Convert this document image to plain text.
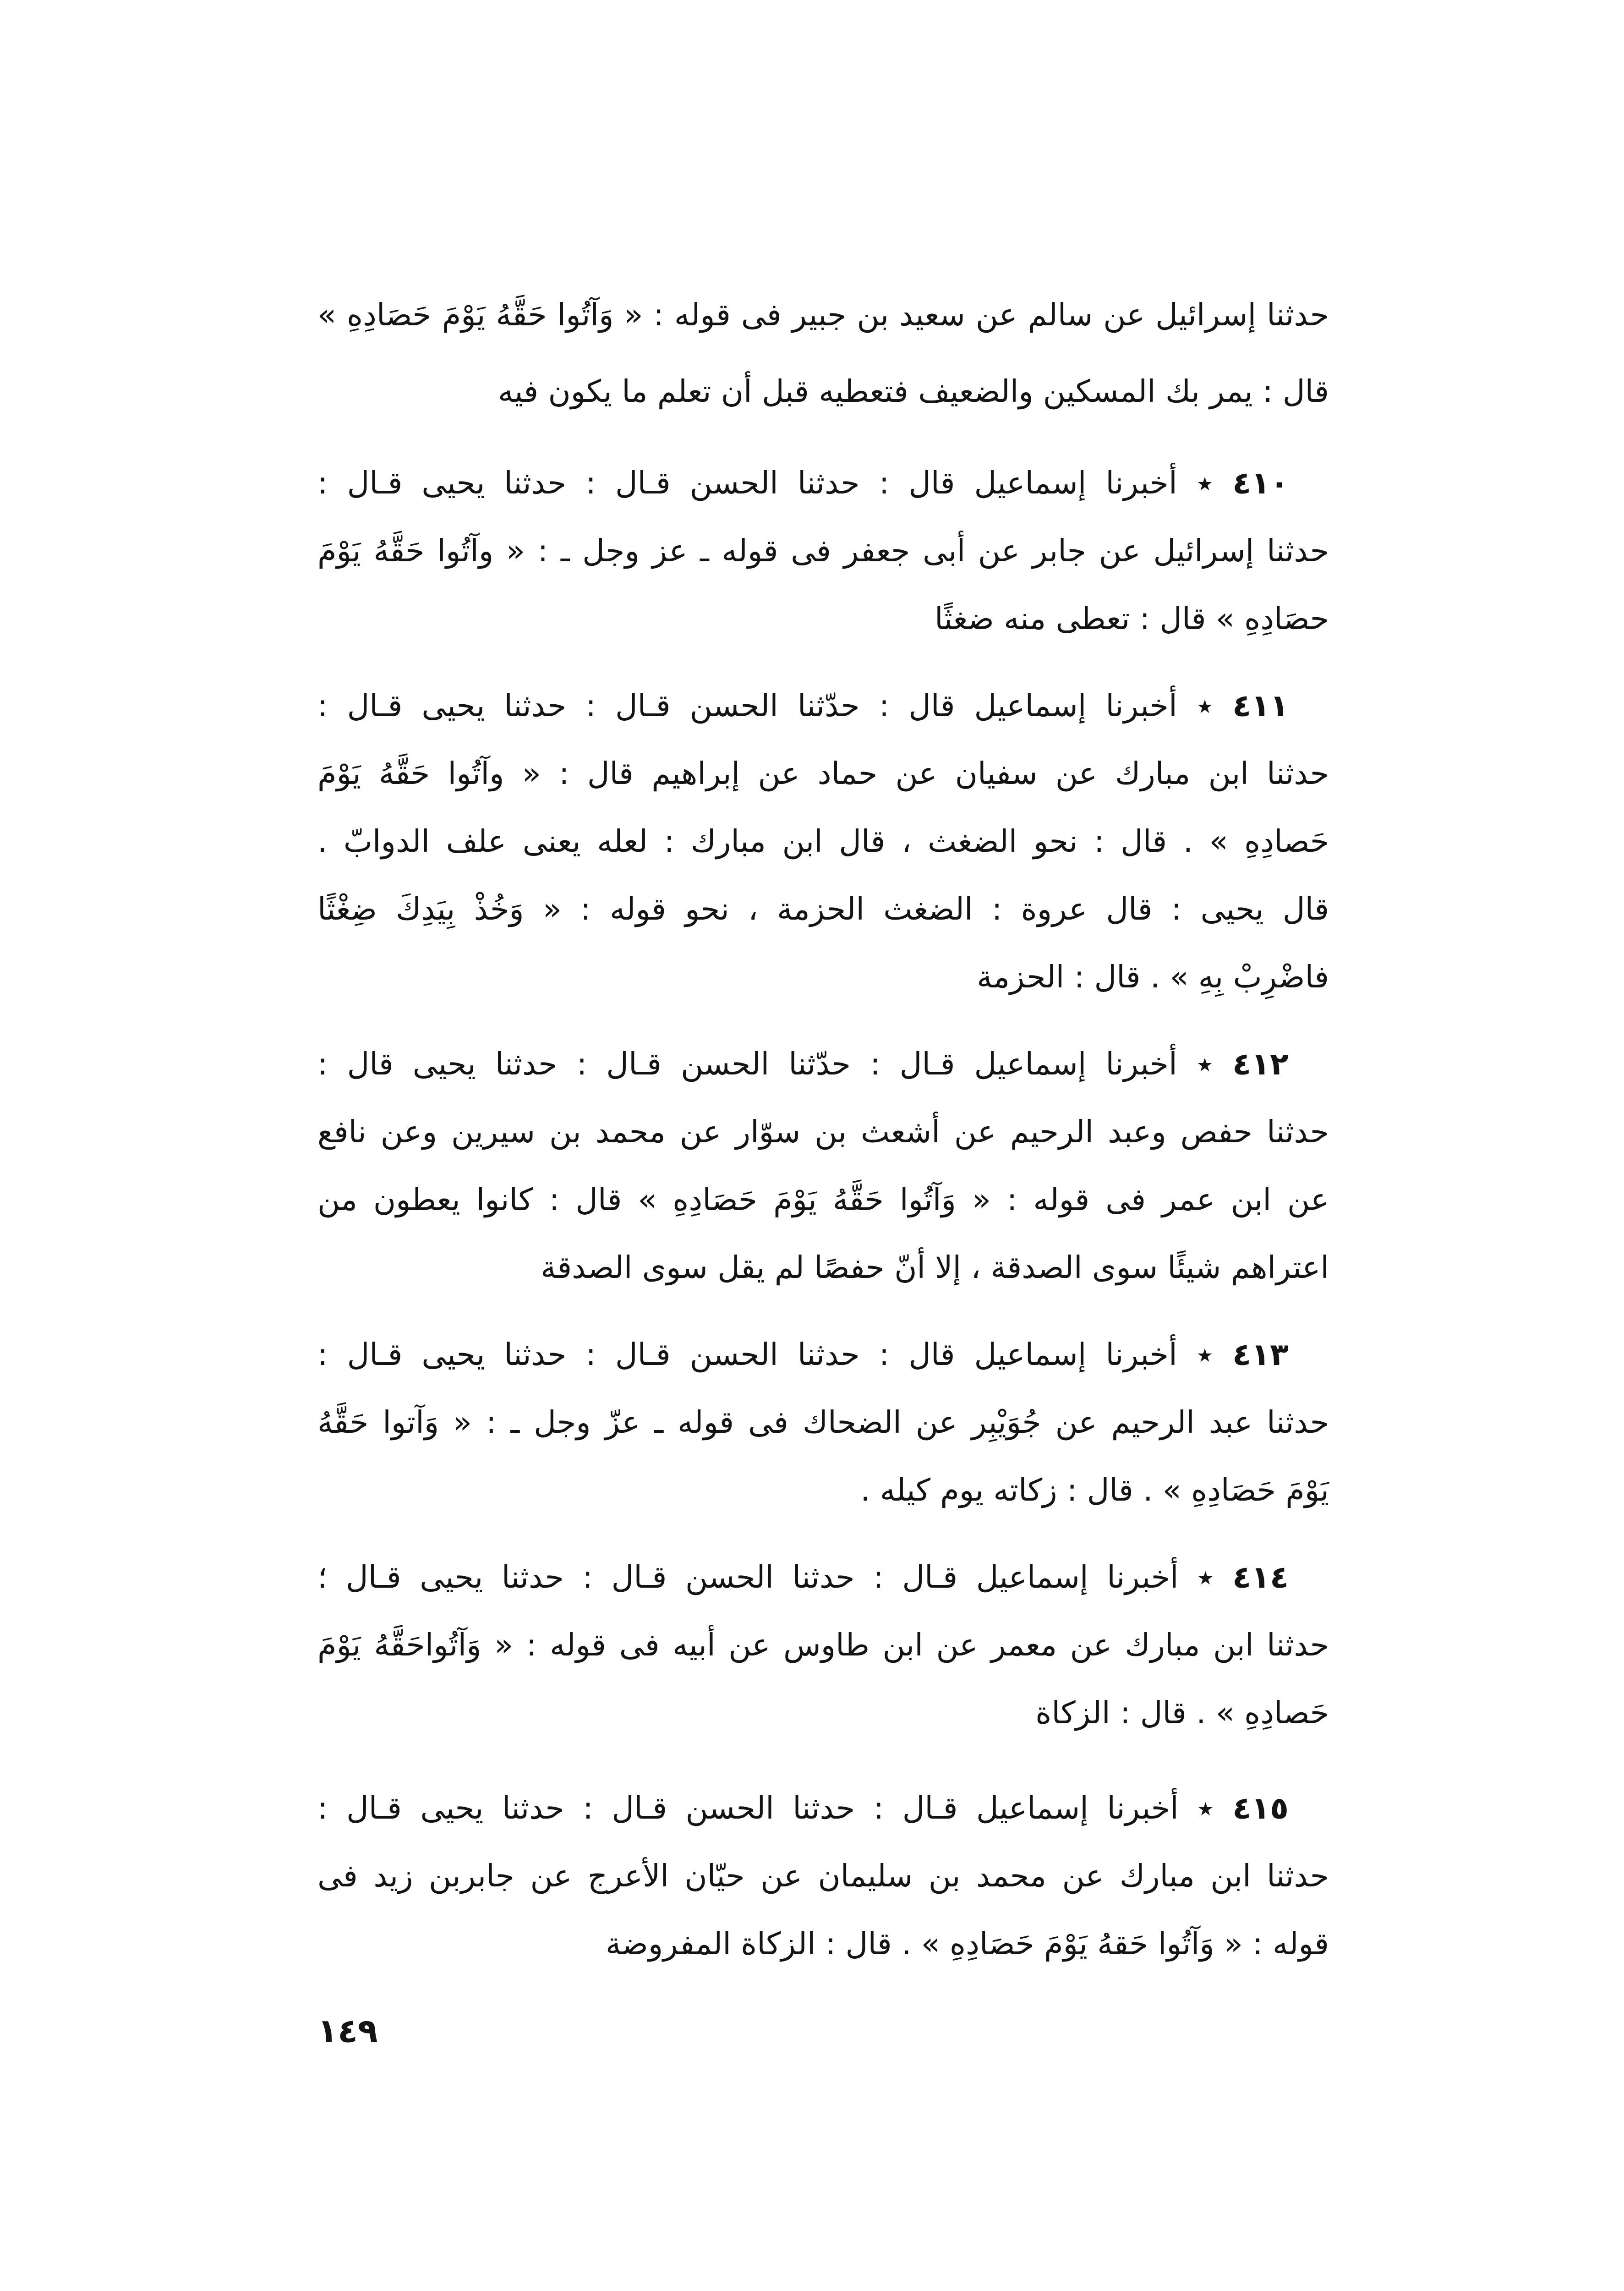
حدثنا إسرائيل عن سالم عن سعيد بن جبير فى قوله : « وَآتُوا حَقَّهُ يَوْمَ حَصَادِهِ »
قال : يمر بك المسكين والضعيف فتعطيه قبل أن تعلم ما يكون فيه
٤١٠ ٭ أخبرنا إسماعيل قال : حدثنا الحسن قـال : حدثنا يحيى قـال :
حدثنا إسرائيل عن جابر عن أبى جعفر فى قوله ـ عز وجل ـ : « وآتُوا حَقَّهُ يَوْمَ
حصَادِهِ » قال : تعطى منه ضغثًا
٤١١ ٭ أخبرنا إسماعيل قال : حدّثنا الحسن قـال : حدثنا يحيى قـال :
حدثنا ابن مبارك عن سفيان عن حماد عن إبراهيم قال : « وآتُوا حَقَّهُ يَوْمَ
حَصادِهِ » . قال : نحو الضغث ، قال ابن مبارك : لعله يعنى علف الدوابّ .
قال يحيى : قال عروة : الضغث الحزمة ، نحو قوله : « وَخُذْ بِيَدِكَ ضِغْثًا
فاضْرِبْ بِهِ » . قال : الحزمة
٤١٢ ٭ أخبرنا إسماعيل قـال : حدّثنا الحسن قـال : حدثنا يحيى قال :
حدثنا حفص وعبد الرحيم عن أشعث بن سوّار عن محمد بن سيرين وعن نافع
عن ابن عمر فى قوله : « وَآتُوا حَقَّهُ يَوْمَ حَصَادِهِ » قال : كانوا يعطون من
اعتراهم شيئًا سوى الصدقة ، إلا أنّ حفصًا لم يقل سوى الصدقة
٤١٣ ٭ أخبرنا إسماعيل قال : حدثنا الحسن قـال : حدثنا يحيى قـال :
حدثنا عبد الرحيم عن جُوَيْبِر عن الضحاك فى قوله ـ عزّ وجل ـ : « وَآتوا حَقَّهُ
يَوْمَ حَصَادِهِ » . قال : زكاته يوم كيله .
٤١٤ ٭ أخبرنا إسماعيل قـال : حدثنا الحسن قـال : حدثنا يحيى قـال ؛
حدثنا ابن مبارك عن معمر عن ابن طاوس عن أبيه فى قوله : « وَآتُواحَقَّهُ يَوْمَ
حَصادِهِ » . قال : الزكاة
٤١٥ ٭ أخبرنا إسماعيل قـال : حدثنا الحسن قـال : حدثنا يحيى قـال :
حدثنا ابن مبارك عن محمد بن سليمان عن حيّان الأعرج عن جابربن زيد فى
قوله : « وَآتُوا حَقهُ يَوْمَ حَصَادِهِ » . قال : الزكاة المفروضة
١٤٩
